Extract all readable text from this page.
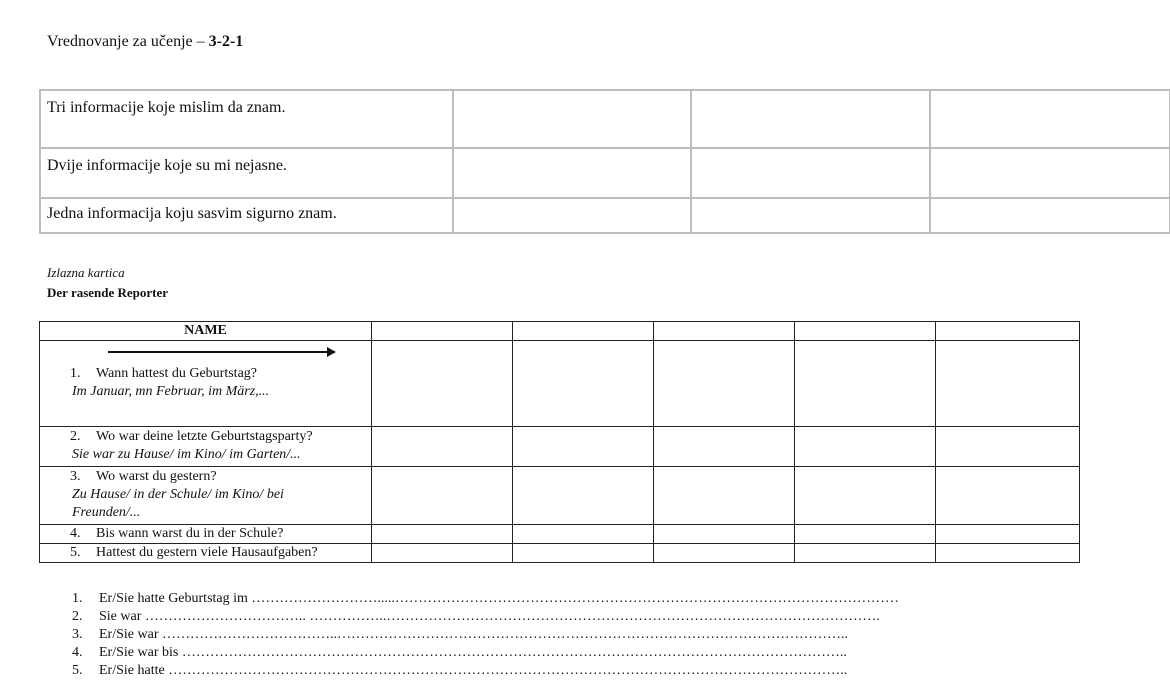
Vrednovanje za učenje – 3-2-1
Tri informacije koje mislim da znam.			
Dvije informacije koje su mi nejasne.			
Jedna informacija koju sasvim sigurno znam.			
Izlazna kartica
Der rasende Reporter
NAME					

1. Wann hattest du Geburtstag?
Im Januar, mn Februar, im März,...					

2. Wo war deine letzte Geburtstagsparty?
Sie war zu Hause/ im Kino/ im Garten/...					

3. Wo warst du gestern?
Zu Hause/ in der Schule/ im Kino/ bei
Freunden/...					

4. Bis wann warst du in der Schule?					
5. Hattest du gestern viele Hausaufgaben?					
1. Er/Sie hatte Geburtstag im ……………………….....………………………………………………………………………………………………
2. Sie war …………………………….. ……………..…………………………………………………………………………………………….
3. Er/Sie war ………………………………..………………………………………………………………………………………………..
4. Er/Sie war bis ……………………………………………………………………………………………………………………………..
5. Er/Sie hatte ………………………………………………………………………………………………………………………………..
